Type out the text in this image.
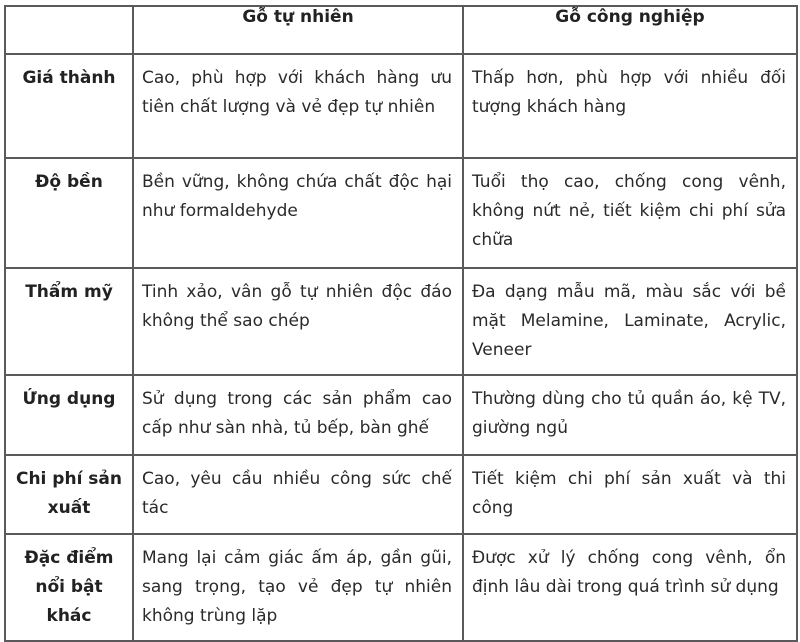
	Gỗ tự nhiên	Gỗ công nghiệp
Giá thành	Cao, phù hợp với khách hàng ưu tiên chất lượng và vẻ đẹp tự nhiên	Thấp hơn, phù hợp với nhiều đối tượng khách hàng
Độ bền	Bền vững, không chứa chất độc hại như formaldehyde	Tuổi thọ cao, chống cong vênh, không nứt nẻ, tiết kiệm chi phí sửa chữa
Thẩm mỹ	Tinh xảo, vân gỗ tự nhiên độc đáo không thể sao chép	Đa dạng mẫu mã, màu sắc với bề mặt Melamine, Laminate, Acrylic, Veneer
Ứng dụng	Sử dụng trong các sản phẩm cao cấp như sàn nhà, tủ bếp, bàn ghế	Thường dùng cho tủ quần áo, kệ TV, giường ngủ
Chi phí sản xuất	Cao, yêu cầu nhiều công sức chế tác	Tiết kiệm chi phí sản xuất và thi công
Đặc điểm nổi bật khác	Mang lại cảm giác ấm áp, gần gũi, sang trọng, tạo vẻ đẹp tự nhiên không trùng lặp	Được xử lý chống cong vênh, ổn định lâu dài trong quá trình sử dụng
